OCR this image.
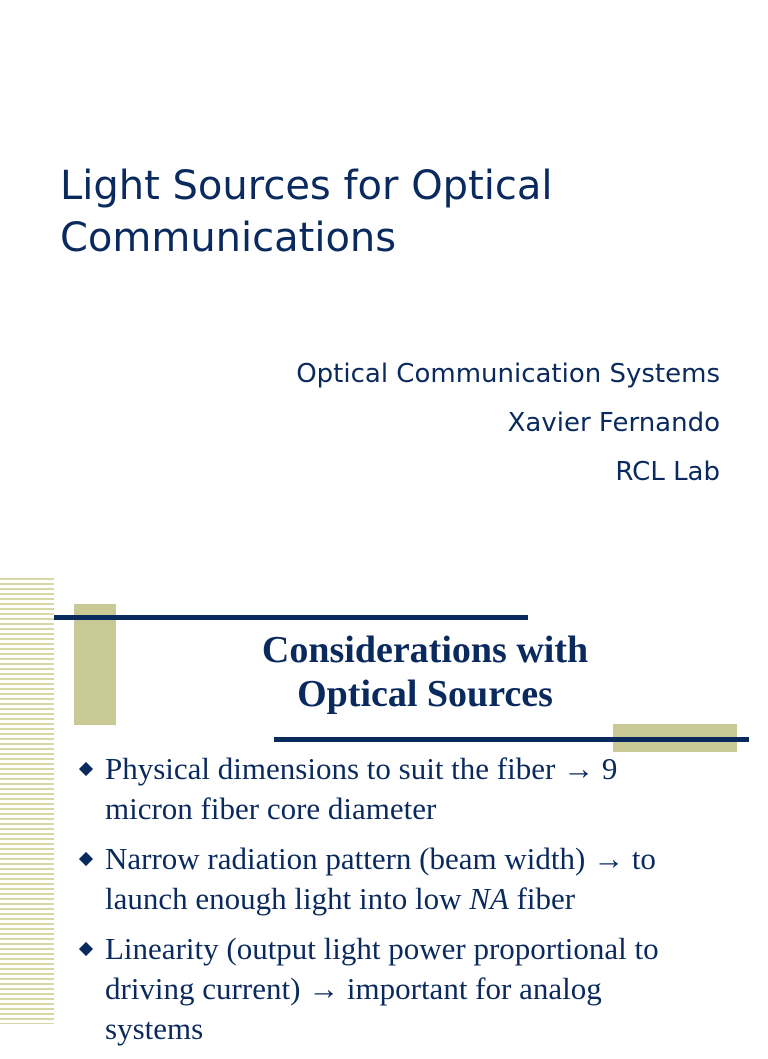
Light Sources for Optical
Communications
Optical Communication Systems
Xavier Fernando
RCL Lab
Considerations with
Optical Sources
Physical dimensions to suit the fiber → 9
micron fiber core diameter
Narrow radiation pattern (beam width) → to
launch enough light into low NA fiber
Linearity (output light power proportional to
driving current) → important for analog
systems
